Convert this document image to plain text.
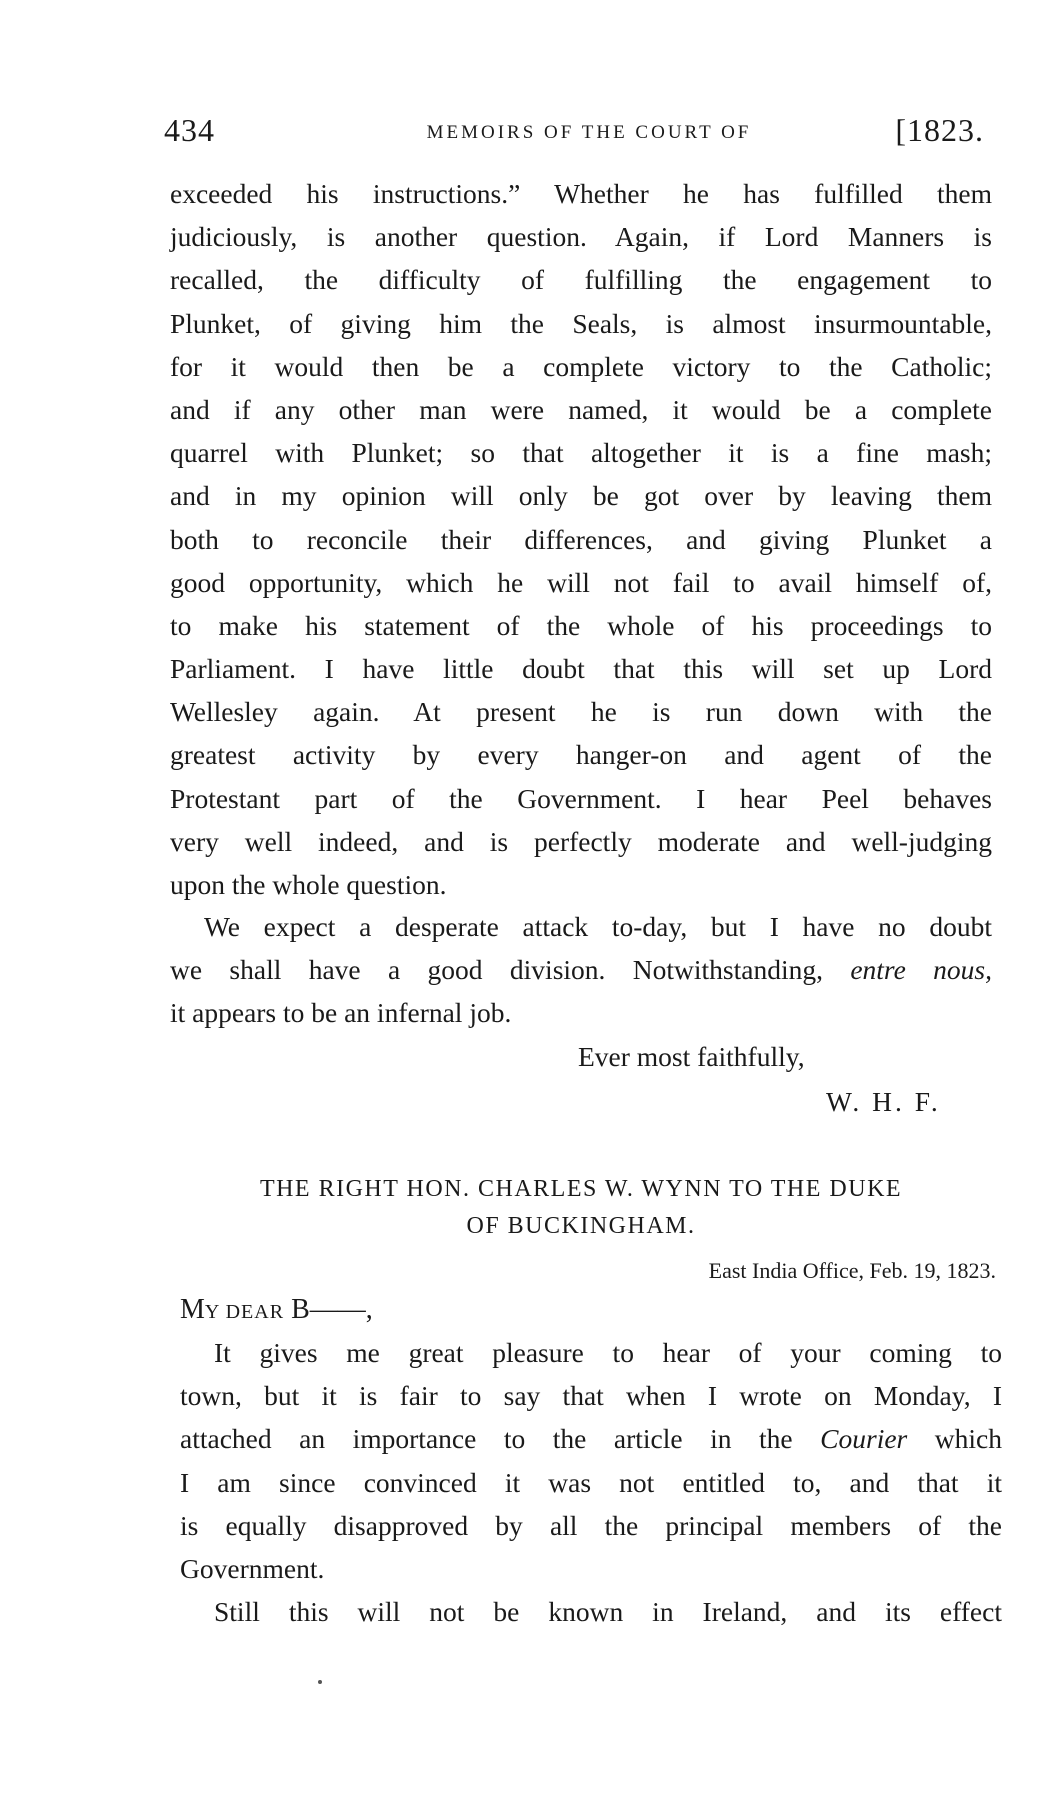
434	MEMOIRS OF THE COURT OF	[1823.
exceeded his instructions.” Whether he has fulfilled them
judiciously, is another question. Again, if Lord Manners is
recalled, the difficulty of fulfilling the engagement to
Plunket, of giving him the Seals, is almost insurmountable,
for it would then be a complete victory to the Catholic;
and if any other man were named, it would be a complete
quarrel with Plunket; so that altogether it is a fine mash;
and in my opinion will only be got over by leaving them
both to reconcile their differences, and giving Plunket a
good opportunity, which he will not fail to avail himself of,
to make his statement of the whole of his proceedings to
Parliament. I have little doubt that this will set up Lord
Wellesley again. At present he is run down with the
greatest activity by every hanger-on and agent of the
Protestant part of the Government. I hear Peel behaves
very well indeed, and is perfectly moderate and well-judging
upon the whole question.
We expect a desperate attack to-day, but I have no doubt
we shall have a good division. Notwithstanding, entre nous,
it appears to be an infernal job.
Ever most faithfully,
W. H. F.
THE RIGHT HON. CHARLES W. WYNN TO THE DUKE
OF BUCKINGHAM.
East India Office, Feb. 19, 1823.
MY DEAR B——,
It gives me great pleasure to hear of your coming to
town, but it is fair to say that when I wrote on Monday, I
attached an importance to the article in the Courier which
I am since convinced it was not entitled to, and that it
is equally disapproved by all the principal members of the
Government.
Still this will not be known in Ireland, and its effect
